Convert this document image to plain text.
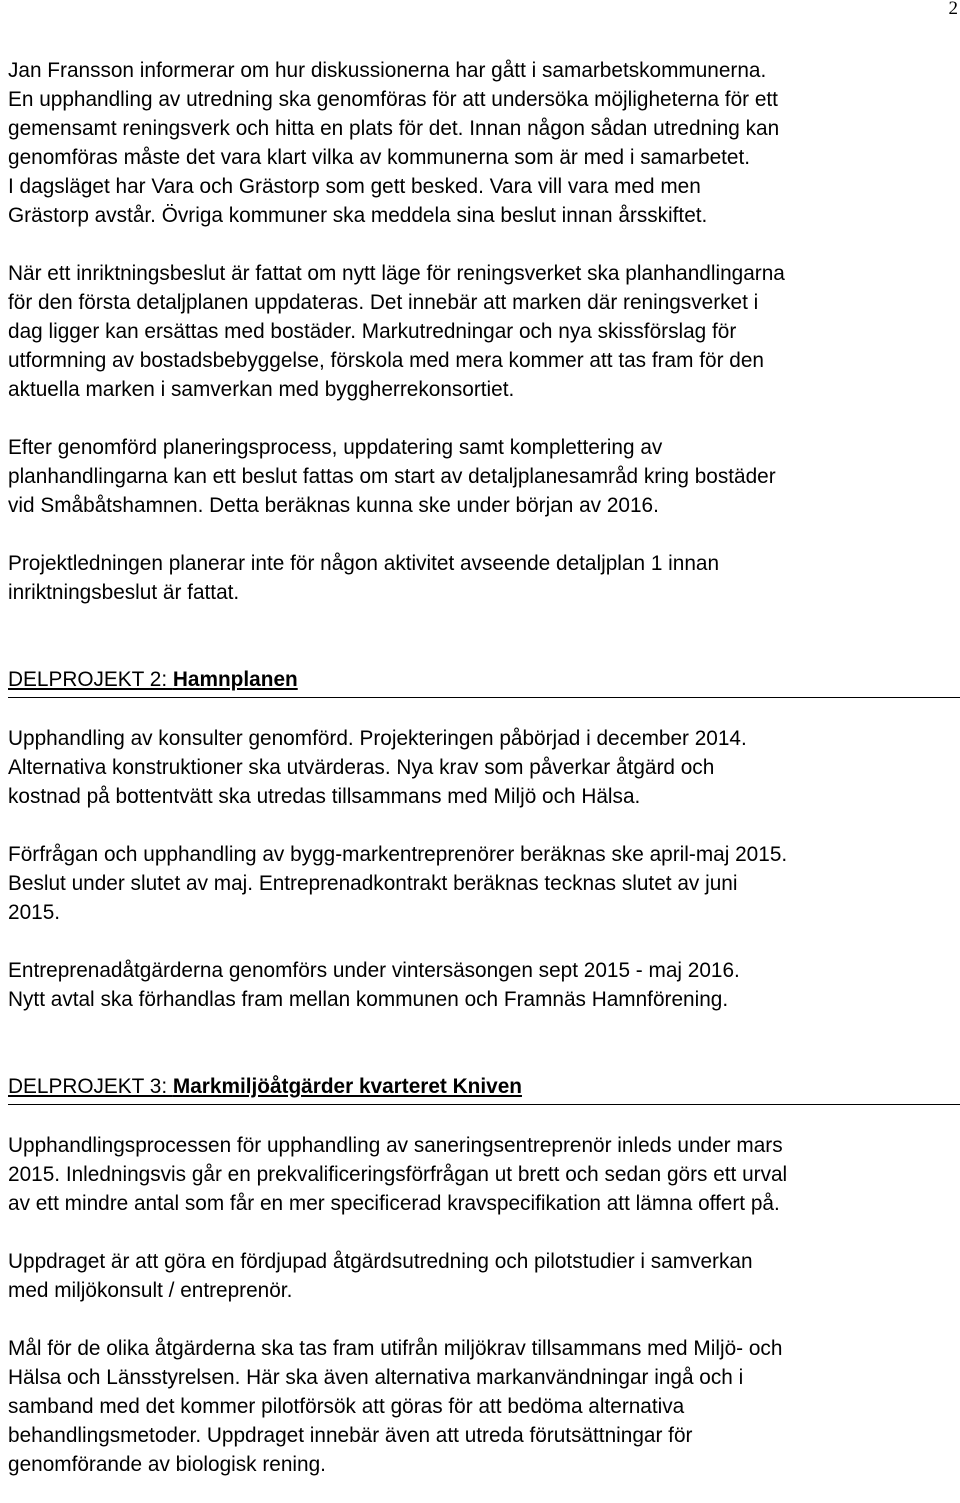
2

Jan Fransson informerar om hur diskussionerna har gått i samarbetskommunerna.
En upphandling av utredning ska genomföras för att undersöka möjligheterna för ett
gemensamt reningsverk och hitta en plats för det. Innan någon sådan utredning kan
genomföras måste det vara klart vilka av kommunerna som är med i samarbetet.
I dagsläget har Vara och Grästorp som gett besked. Vara vill vara med men
Grästorp avstår. Övriga kommuner ska meddela sina beslut innan årsskiftet.

När ett inriktningsbeslut är fattat om nytt läge för reningsverket ska planhandlingarna
för den första detaljplanen uppdateras. Det innebär att marken där reningsverket i
dag ligger kan ersättas med bostäder. Markutredningar och nya skissförslag för
utformning av bostadsbebyggelse, förskola med mera kommer att tas fram för den
aktuella marken i samverkan med byggherrekonsortiet.

Efter genomförd planeringsprocess, uppdatering samt komplettering av
planhandlingarna kan ett beslut fattas om start av detaljplanesamråd kring bostäder
vid Småbåtshamnen. Detta beräknas kunna ske under början av 2016.

Projektledningen planerar inte för någon aktivitet avseende detaljplan 1 innan
inriktningsbeslut är fattat.

DELPROJEKT 2: Hamnplanen

Upphandling av konsulter genomförd. Projekteringen påbörjad i december 2014.
Alternativa konstruktioner ska utvärderas. Nya krav som påverkar åtgärd och
kostnad på bottentvätt ska utredas tillsammans med Miljö och Hälsa.

Förfrågan och upphandling av bygg-markentreprenörer beräknas ske april-maj 2015.
Beslut under slutet av maj. Entreprenadkontrakt beräknas tecknas slutet av juni
2015.

Entreprenadåtgärderna genomförs under vintersäsongen sept 2015 - maj 2016.
Nytt avtal ska förhandlas fram mellan kommunen och Framnäs Hamnförening.

DELPROJEKT 3: Markmiljöåtgärder kvarteret Kniven

Upphandlingsprocessen för upphandling av saneringsentreprenör inleds under mars
2015. Inledningsvis går en prekvalificeringsförfrågan ut brett och sedan görs ett urval
av ett mindre antal som får en mer specificerad kravspecifikation att lämna offert på.

Uppdraget är att göra en fördjupad åtgärdsutredning och pilotstudier i samverkan
med miljökonsult / entreprenör.

Mål för de olika åtgärderna ska tas fram utifrån miljökrav tillsammans med Miljö- och
Hälsa och Länsstyrelsen. Här ska även alternativa markanvändningar ingå och i
samband med det kommer pilotförsök att göras för att bedöma alternativa
behandlingsmetoder. Uppdraget innebär även att utreda förutsättningar för
genomförande av biologisk rening.
